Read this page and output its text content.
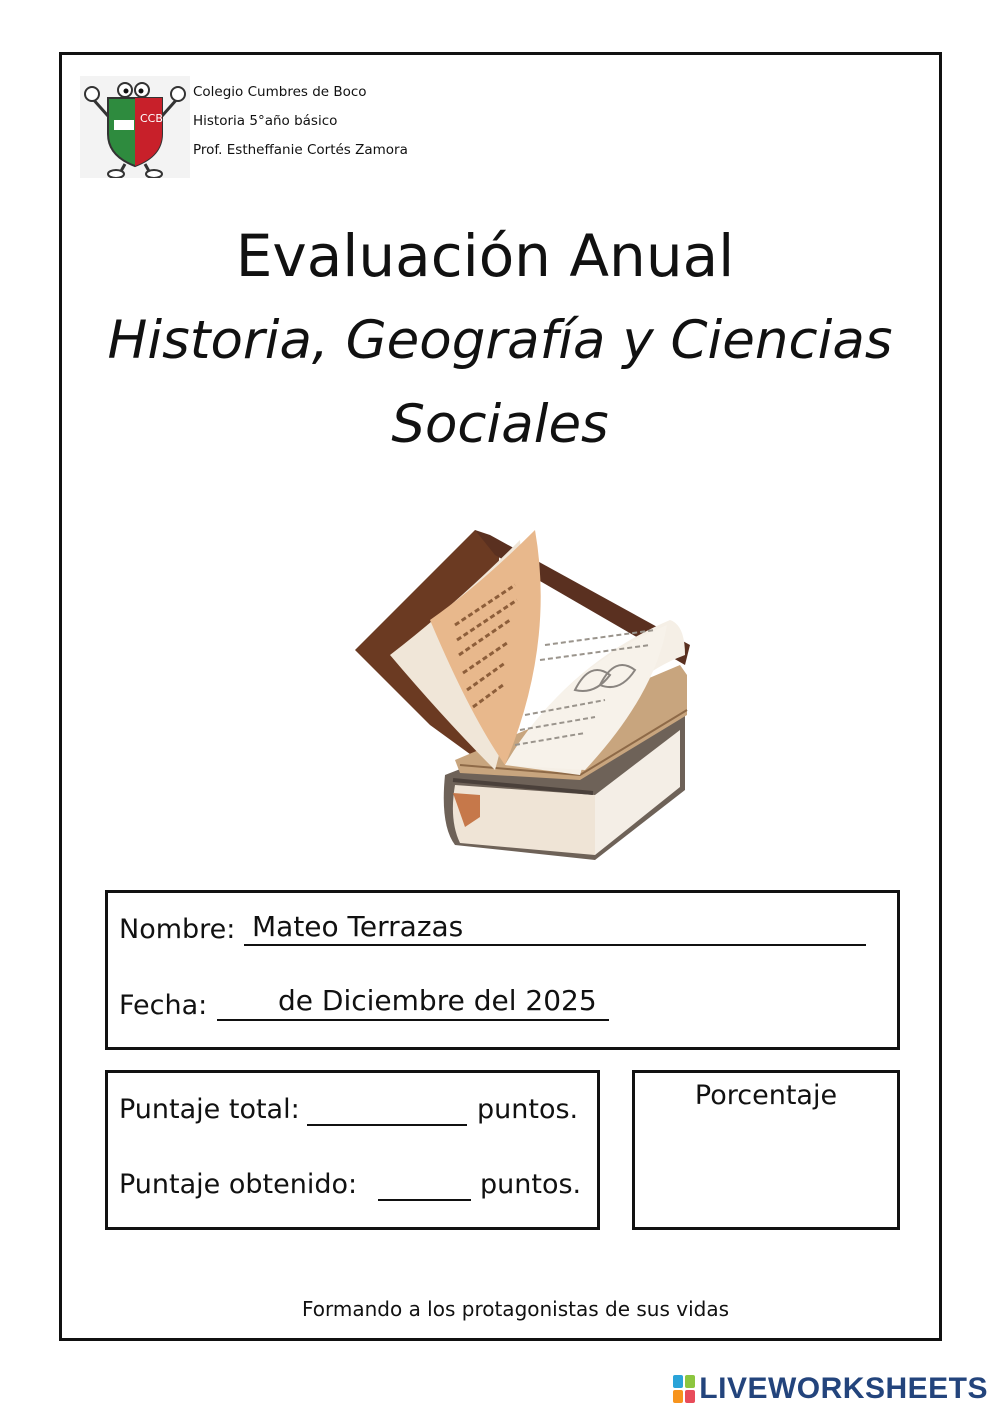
CCB
Colegio Cumbres de Boco
Historia 5°año básico
Prof. Estheffanie Cortés Zamora
Evaluación Anual
Historia, Geografía y Ciencias
Sociales
Nombre: Mateo Terrazas
Fecha:	de Diciembre del 2025
Puntaje total:	puntos.
Puntaje obtenido:	puntos.
Porcentaje
Formando a los protagonistas de sus vidas
LIVEWORKSHEETS
